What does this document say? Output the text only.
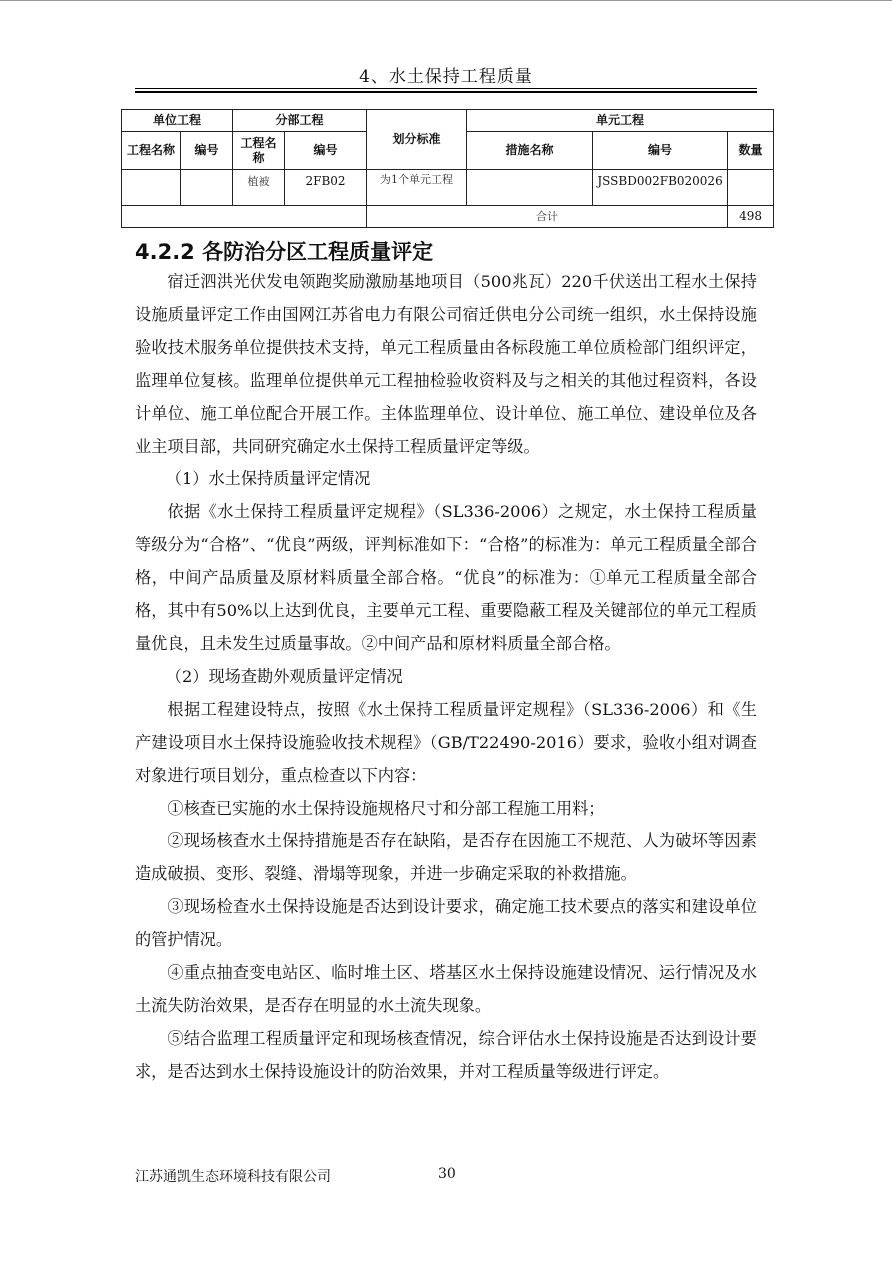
4、水土保持工程质量
单位工程		分部工程		划分标准	单元工程		
工程名称	编号	工程名称	编号		措施名称	编号	数量
		植被	2FB02	为1个单元工程		JSSBD002FB020026	
				合计			498
4.2.2 各防治分区工程质量评定

宿迁泗洪光伏发电领跑奖励激励基地项目（500兆瓦）220千伏送出工程水土保持设施质量评定工作由国网江苏省电力有限公司宿迁供电分公司统一组织，水土保持设施验收技术服务单位提供技术支持，单元工程质量由各标段施工单位质检部门组织评定，监理单位复核。监理单位提供单元工程抽检验收资料及与之相关的其他过程资料，各设计单位、施工单位配合开展工作。主体监理单位、设计单位、施工单位、建设单位及各业主项目部，共同研究确定水土保持工程质量评定等级。

（1）水土保持质量评定情况

依据《水土保持工程质量评定规程》（SL336-2006）之规定，水土保持工程质量等级分为“合格”、“优良”两级，评判标准如下：“合格”的标准为：单元工程质量全部合格，中间产品质量及原材料质量全部合格。“优良”的标准为：①单元工程质量全部合格，其中有50%以上达到优良，主要单元工程、重要隐蔽工程及关键部位的单元工程质量优良，且未发生过质量事故。②中间产品和原材料质量全部合格。

（2）现场查勘外观质量评定情况

根据工程建设特点，按照《水土保持工程质量评定规程》（SL336-2006）和《生产建设项目水土保持设施验收技术规程》（GB/T22490-2016）要求，验收小组对调查对象进行项目划分，重点检查以下内容：

①核查已实施的水土保持设施规格尺寸和分部工程施工用料；

②现场核查水土保持措施是否存在缺陷，是否存在因施工不规范、人为破坏等因素造成破损、变形、裂缝、滑塌等现象，并进一步确定采取的补救措施。

③现场检查水土保持设施是否达到设计要求，确定施工技术要点的落实和建设单位的管护情况。

④重点抽查变电站区、临时堆土区、塔基区水土保持设施建设情况、运行情况及水土流失防治效果，是否存在明显的水土流失现象。

⑤结合监理工程质量评定和现场核查情况，综合评估水土保持设施是否达到设计要求，是否达到水土保持设施设计的防治效果，并对工程质量等级进行评定。

江苏通凯生态环境科技有限公司	30
